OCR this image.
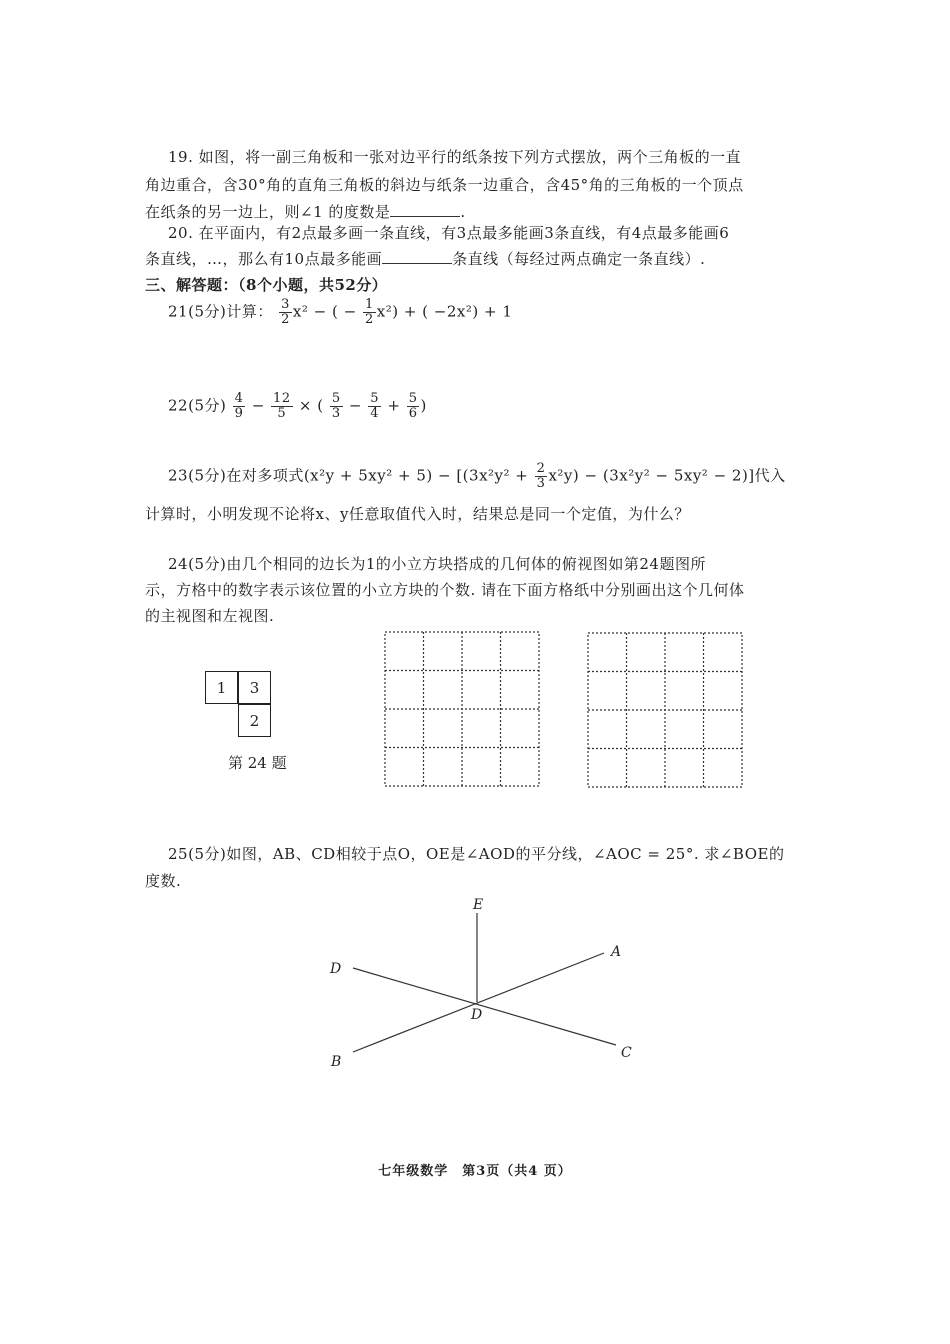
19. 如图，将一副三角板和一张对边平行的纸条按下列方式摆放，两个三角板的一直
角边重合，含30°角的直角三角板的斜边与纸条一边重合，含45°角的三角板的一个顶点
在纸条的另一边上，则∠1 的度数是	.
20. 在平面内，有2点最多画一条直线，有3点最多能画3条直线，有4点最多能画6
条直线，…，那么有10点最多能画	条直线（每经过两点确定一条直线）.
三、解答题：（8个小题，共52分）
21(5分)计算： $\frac{3}{2} x^2$ − ( − $\frac{1}{2} x^2$) + ( −2x²) + 1
22(5分) $\frac{4}{9} - \frac{12}{5}$ × ( $\frac{5}{3} - \frac{5}{4} + \frac{5}{6}$ )
23(5分)在对多项式$(x^2y + 5xy^2 + 5) - [(3x^2y^2 + \frac{2}{3} x^2y) - (3x^2y^2 - 5xy^2 - 2)]$代入
计算时，小明发现不论将x、y任意取值代入时，结果总是同一个定值，为什么？
24(5分)由几个相同的边长为1的小立方块搭成的几何体的俯视图如第24题图所
示，方格中的数字表示该位置的小立方块的个数. 请在下面方格纸中分别画出这个几何体
的主视图和左视图.
1	3
2
第 24 题
25(5分)如图，AB、CD相较于点O，OE是∠AOD的平分线，∠AOC = 25°. 求∠BOE的
度数.
E
A
D
D
B
C
七年级数学　第3页（共4 页）
